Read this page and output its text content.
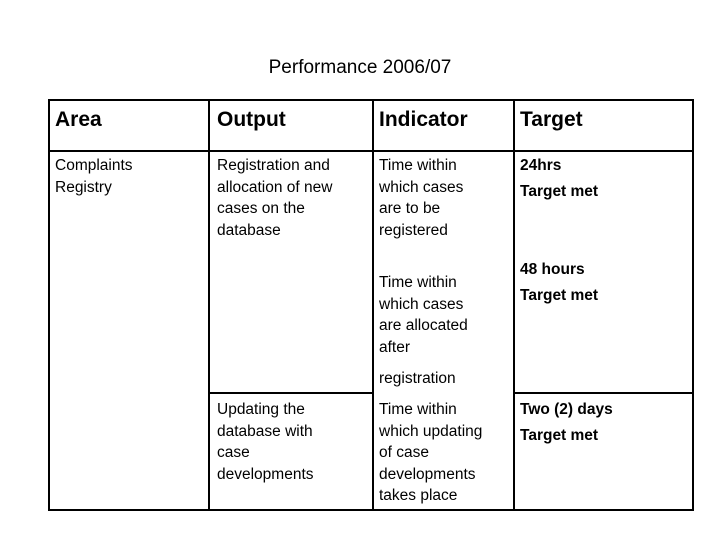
Performance 2006/07
Area	Output	Indicator Target
Complaints
Registry
Registration and
allocation of new
cases on the
database
Time within
which cases
are to be
registered
24hrs
Target met
Time within
which cases
are allocated
after
registration
48 hours
Target met
Updating the
database with
case
developments
Time within
which updating
of case
developments
takes place
Two (2) days
Target met
